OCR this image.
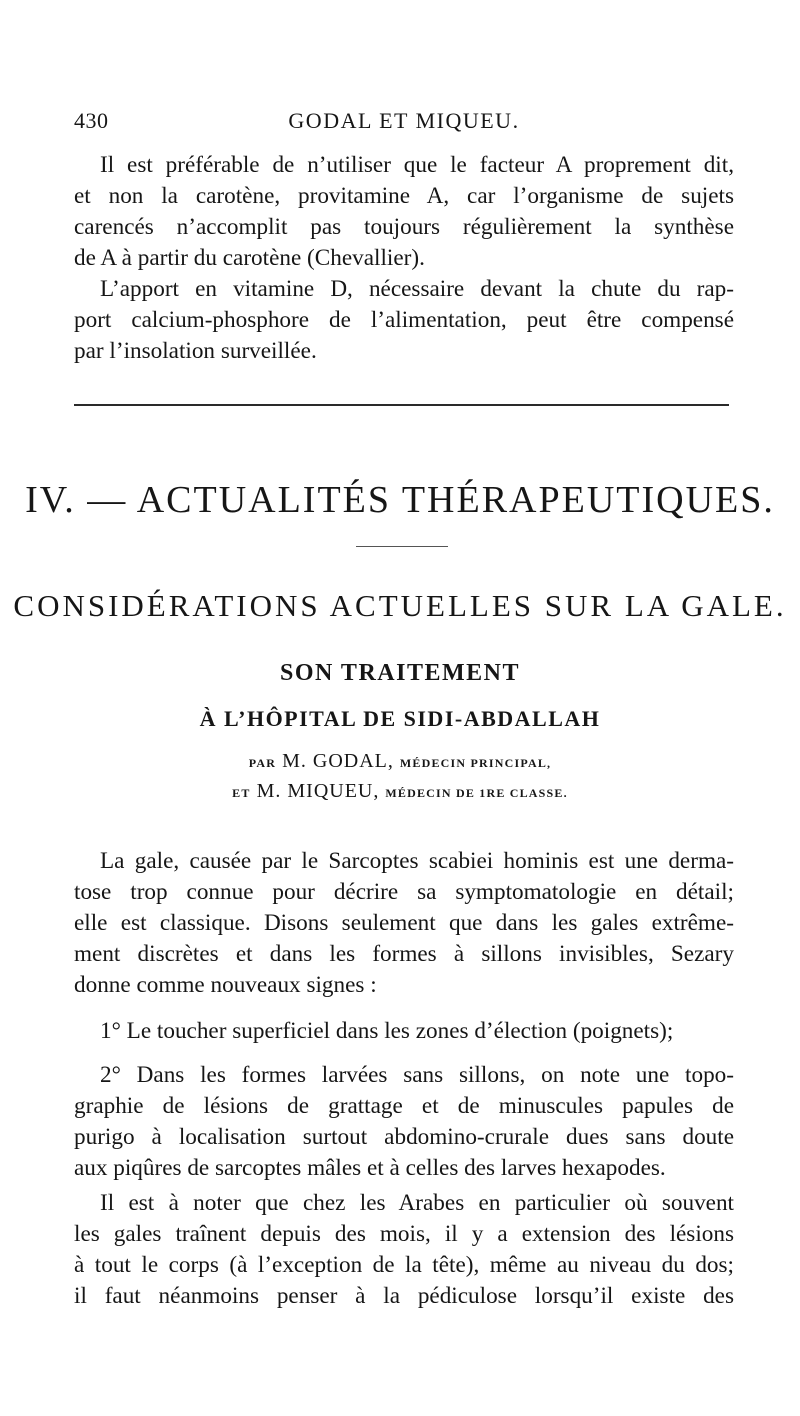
430	GODAL ET MIQUEU.

Il est préférable de n’utiliser que le facteur A proprement dit,
et non la carotène, provitamine A, car l’organisme de sujets
carencés n’accomplit pas toujours régulièrement la synthèse
de A à partir du carotène (Chevallier).

L’apport en vitamine D, nécessaire devant la chute du rap-
port calcium-phosphore de l’alimentation, peut être compensé
par l’insolation surveillée.

IV. — ACTUALITÉS THÉRAPEUTIQUES.
CONSIDÉRATIONS ACTUELLES SUR LA GALE.
SON TRAITEMENT
À L’HÔPITAL DE SIDI-ABDALLAH
PAR M. GODAL, MÉDECIN PRINCIPAL,
ET M. MIQUEU, MÉDECIN DE 1RE CLASSE.

La gale, causée par le Sarcoptes scabiei hominis est une derma-
tose trop connue pour décrire sa symptomatologie en détail;
elle est classique. Disons seulement que dans les gales extrême-
ment discrètes et dans les formes à sillons invisibles, Sezary
donne comme nouveaux signes :

1° Le toucher superficiel dans les zones d’élection (poignets);

2° Dans les formes larvées sans sillons, on note une topo-
graphie de lésions de grattage et de minuscules papules de
purigo à localisation surtout abdomino-crurale dues sans doute
aux piqûres de sarcoptes mâles et à celles des larves hexapodes.

Il est à noter que chez les Arabes en particulier où souvent
les gales traînent depuis des mois, il y a extension des lésions
à tout le corps (à l’exception de la tête), même au niveau du dos;
il faut néanmoins penser à la pédiculose lorsqu’il existe des
